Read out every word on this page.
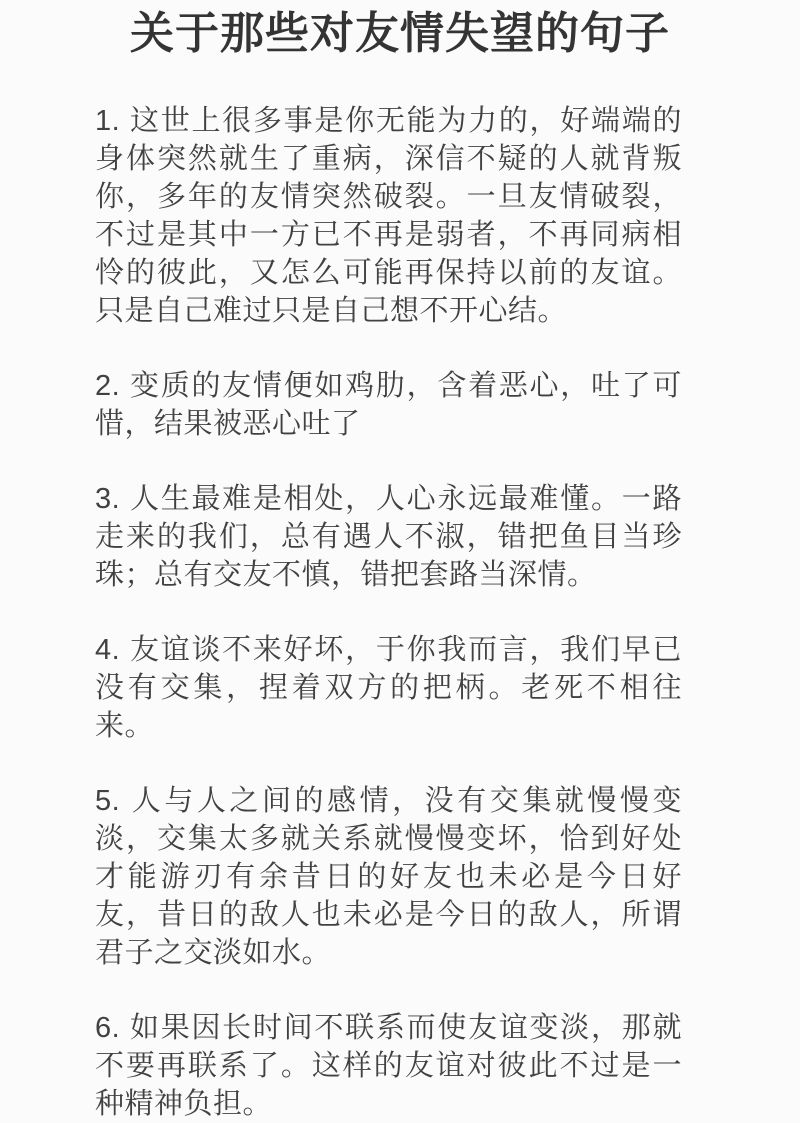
关于那些对友情失望的句子

1. 这世上很多事是你无能为力的，好端端的身体突然就生了重病，深信不疑的人就背叛你，多年的友情突然破裂。一旦友情破裂，不过是其中一方已不再是弱者，不再同病相怜的彼此，又怎么可能再保持以前的友谊。只是自己难过只是自己想不开心结。

2. 变质的友情便如鸡肋，含着恶心，吐了可惜，结果被恶心吐了

3. 人生最难是相处，人心永远最难懂。一路走来的我们，总有遇人不淑，错把鱼目当珍珠；总有交友不慎，错把套路当深情。

4. 友谊谈不来好坏，于你我而言，我们早已没有交集，捏着双方的把柄。老死不相往来。

5. 人与人之间的感情，没有交集就慢慢变淡，交集太多就关系就慢慢变坏，恰到好处才能游刃有余昔日的好友也未必是今日好友，昔日的敌人也未必是今日的敌人，所谓君子之交淡如水。

6. 如果因长时间不联系而使友谊变淡，那就不要再联系了。这样的友谊对彼此不过是一种精神负担。
